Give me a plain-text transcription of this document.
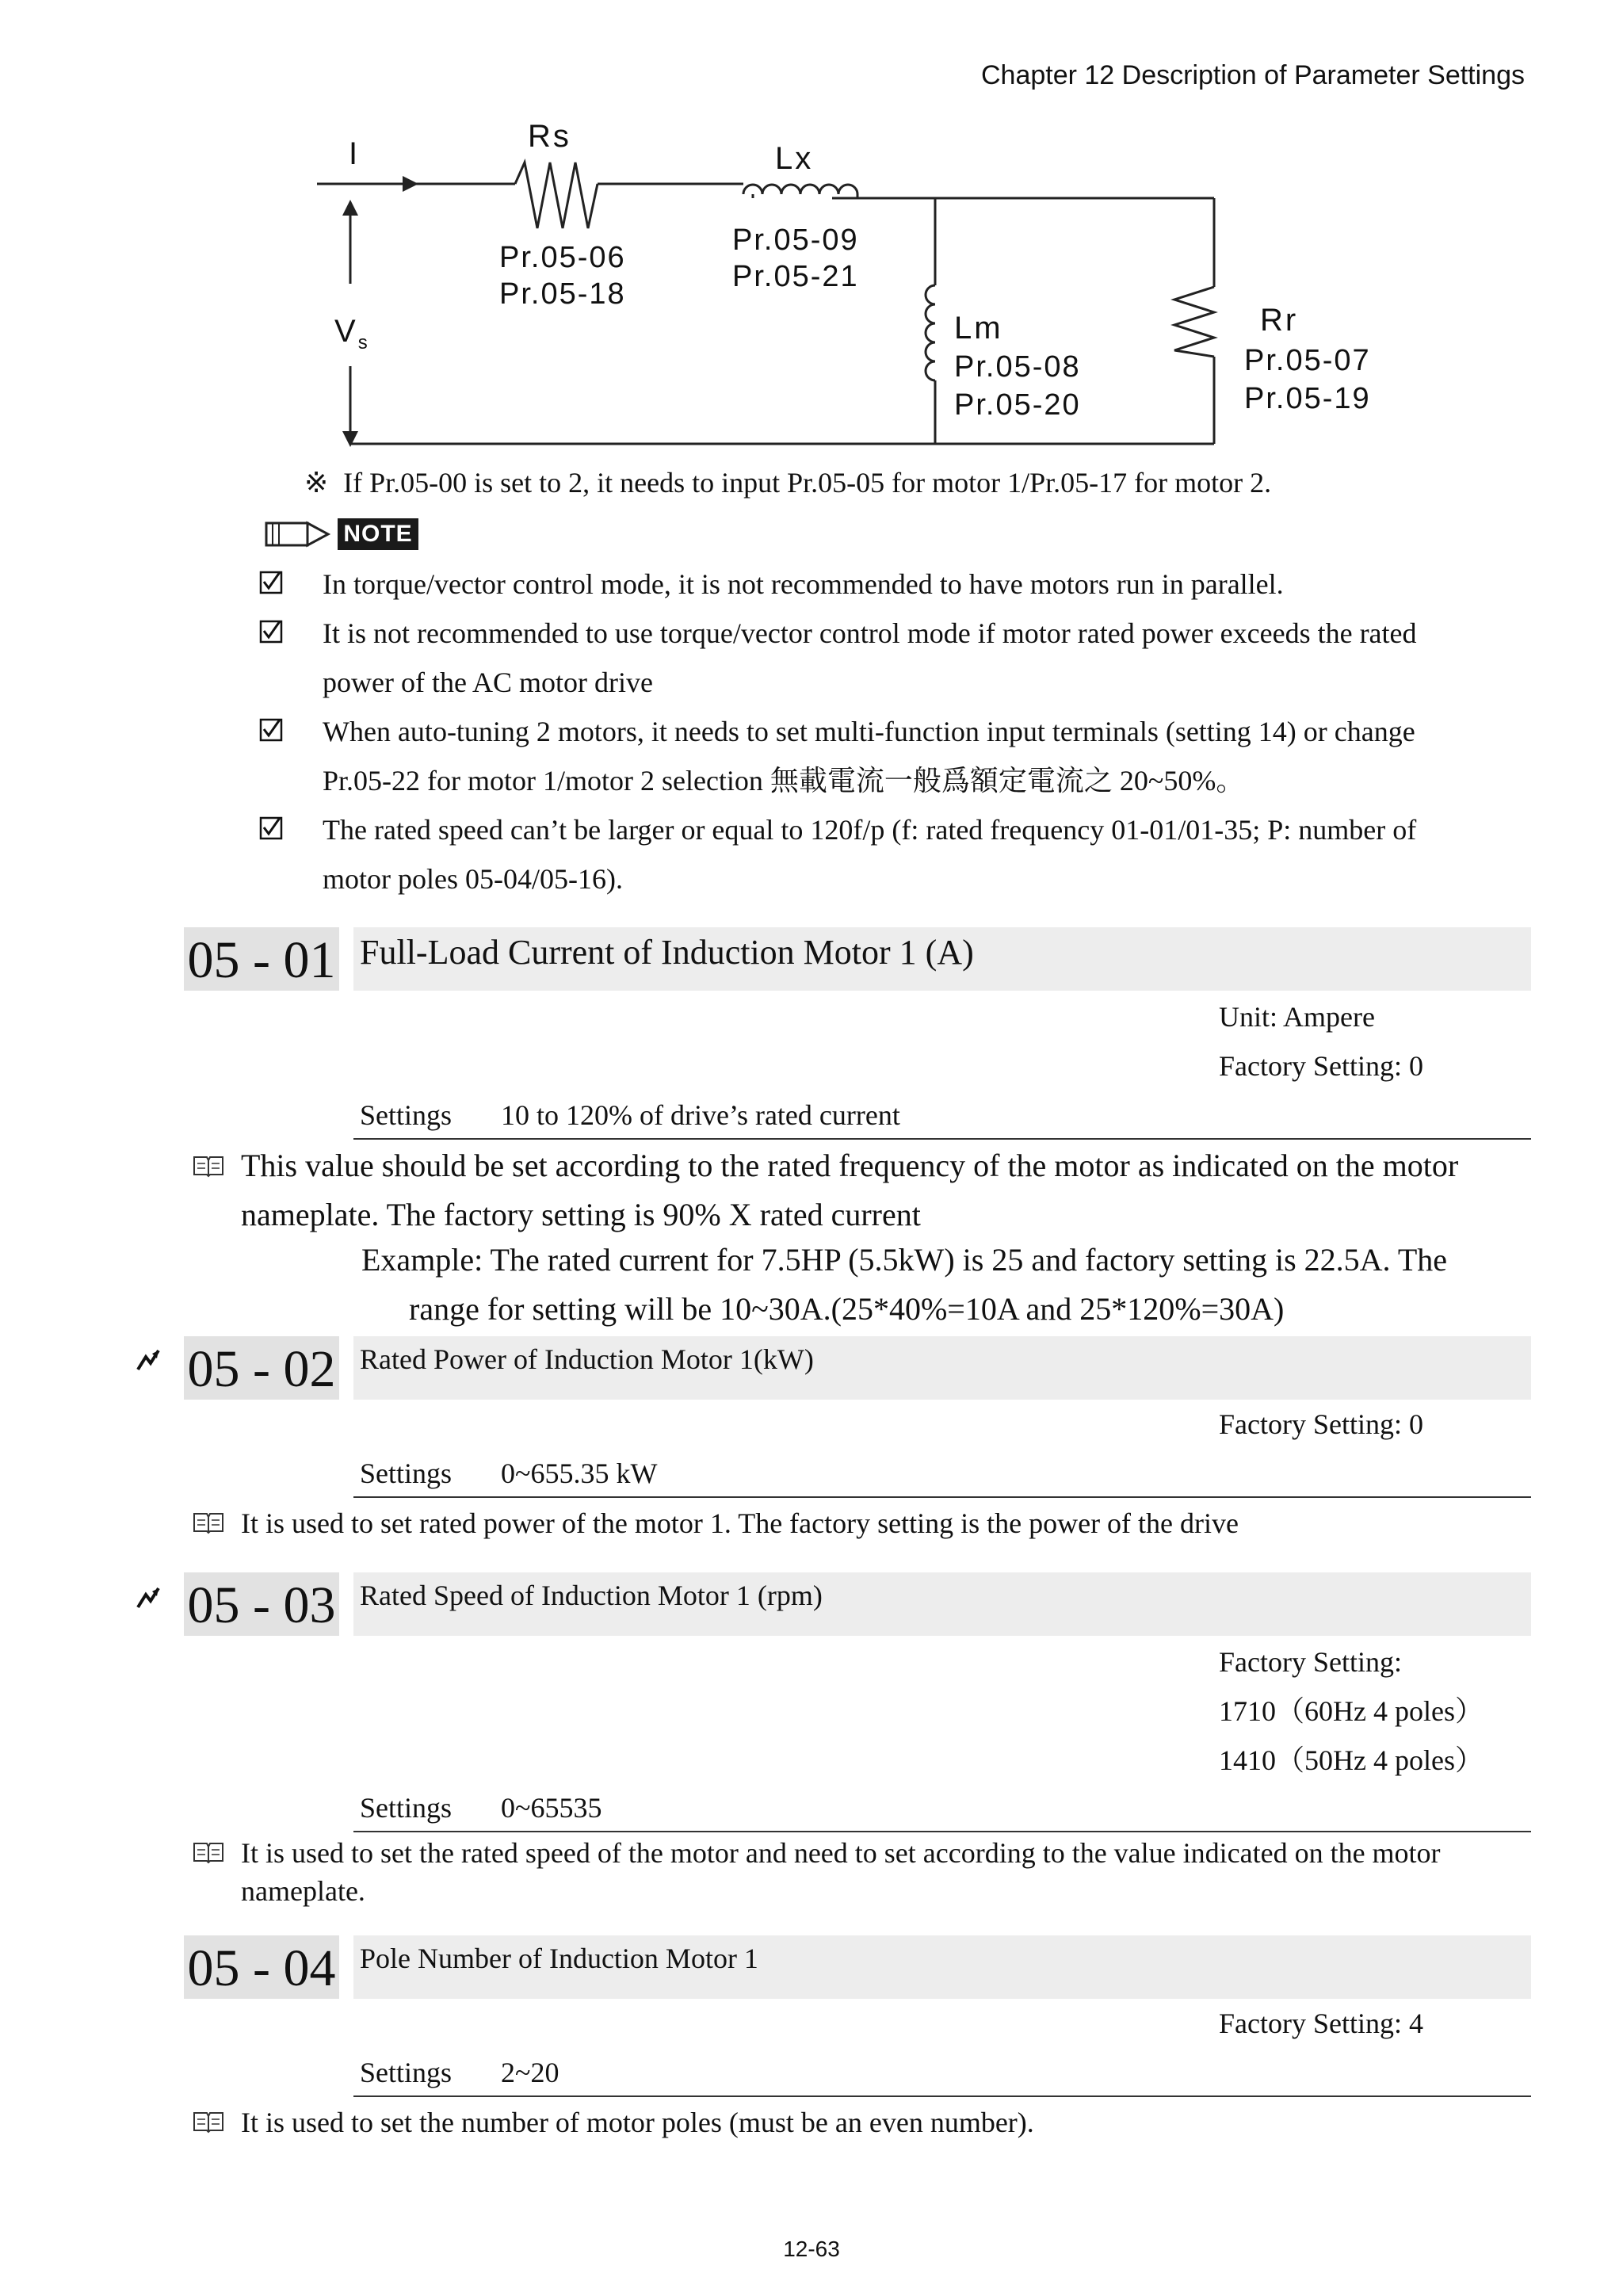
Chapter 12 Description of Parameter Settings
I	Rs
Pr.05-06
Pr.05-18
Lx
Pr.05-09
Pr.05-21
$V_s$	Lm
Pr.05-08
Pr.05-20
Rr
Pr.05-07
Pr.05-19
※ If Pr.05-00 is set to 2, it needs to input Pr.05-05 for motor 1/Pr.05-17 for motor 2.
NOTE
In torque/vector control mode, it is not recommended to have motors run in parallel.
It is not recommended to use torque/vector control mode if motor rated power exceeds the rated power of the AC motor drive
When auto-tuning 2 motors, it needs to set multi-function input terminals (setting 14) or change Pr.05-22 for motor 1/motor 2 selection 無載電流一般爲額定電流之 20~50%。
The rated speed can’t be larger or equal to 120f/p (f: rated frequency 01-01/01-35; P: number of motor poles 05-04/05-16).
05 - 01 Full-Load Current of Induction Motor 1 (A)
Unit: Ampere
Factory Setting: 0
Settings 10 to 120% of drive’s rated current
This value should be set according to the rated frequency of the motor as indicated on the motor nameplate. The factory setting is 90% X rated current
Example: The rated current for 7.5HP (5.5kW) is 25 and factory setting is 22.5A. The
range for setting will be 10~30A.(25*40%=10A and 25*120%=30A)
05 - 02 Rated Power of Induction Motor 1(kW)
Factory Setting: 0
Settings 0~655.35 kW
It is used to set rated power of the motor 1. The factory setting is the power of the drive
05 - 03 Rated Speed of Induction Motor 1 (rpm)
Factory Setting:
1710（60Hz 4 poles）
1410（50Hz 4 poles）
Settings 0~65535
It is used to set the rated speed of the motor and need to set according to the value indicated on the motor nameplate.
05 - 04 Pole Number of Induction Motor 1
Factory Setting: 4
Settings 2~20
It is used to set the number of motor poles (must be an even number).
12-63
